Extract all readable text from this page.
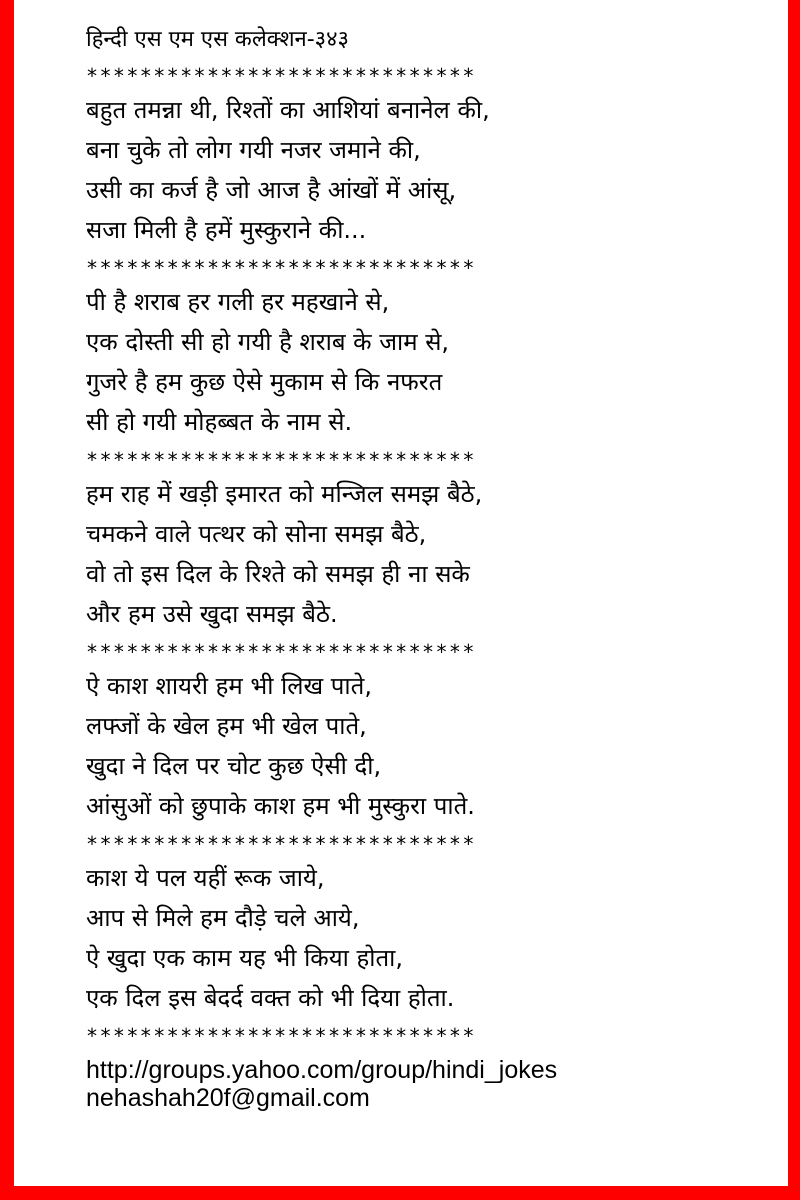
हिन्दी एस एम एस कलेक्शन-३४३
*****************************
बहुत तमन्ना थी, रिश्तों का आशियां बनानेल की,
बना चुके तो लोग गयी नजर जमाने की,
उसी का कर्ज है जो आज है आंखों में आंसू,
सजा मिली है हमें मुस्कुराने की...
*****************************
पी है शराब हर गली हर महखाने से,
एक दोस्ती सी हो गयी है शराब के जाम से,
गुजरे है हम कुछ ऐसे मुकाम से कि नफरत
सी हो गयी मोहब्बत के नाम से.
*****************************
हम राह में खड़ी इमारत को मन्जिल समझ बैठे,
चमकने वाले पत्थर को सोना समझ बैठे,
वो तो इस दिल के रिश्ते को समझ ही ना सके
और हम उसे खुदा समझ बैठे.
*****************************
ऐ काश शायरी हम भी लिख पाते,
लफ्जों के खेल हम भी खेल पाते,
खुदा ने दिल पर चोट कुछ ऐसी दी,
आंसुओं को छुपाके काश हम भी मुस्कुरा पाते.
*****************************
काश ये पल यहीं रूक जाये,
आप से मिले हम दौड़े चले आये,
ऐ खुदा एक काम यह भी किया होता,
एक दिल इस बेदर्द वक्त को भी दिया होता.
*****************************
http://groups.yahoo.com/group/hindi_jokes
nehashah20f@gmail.com
